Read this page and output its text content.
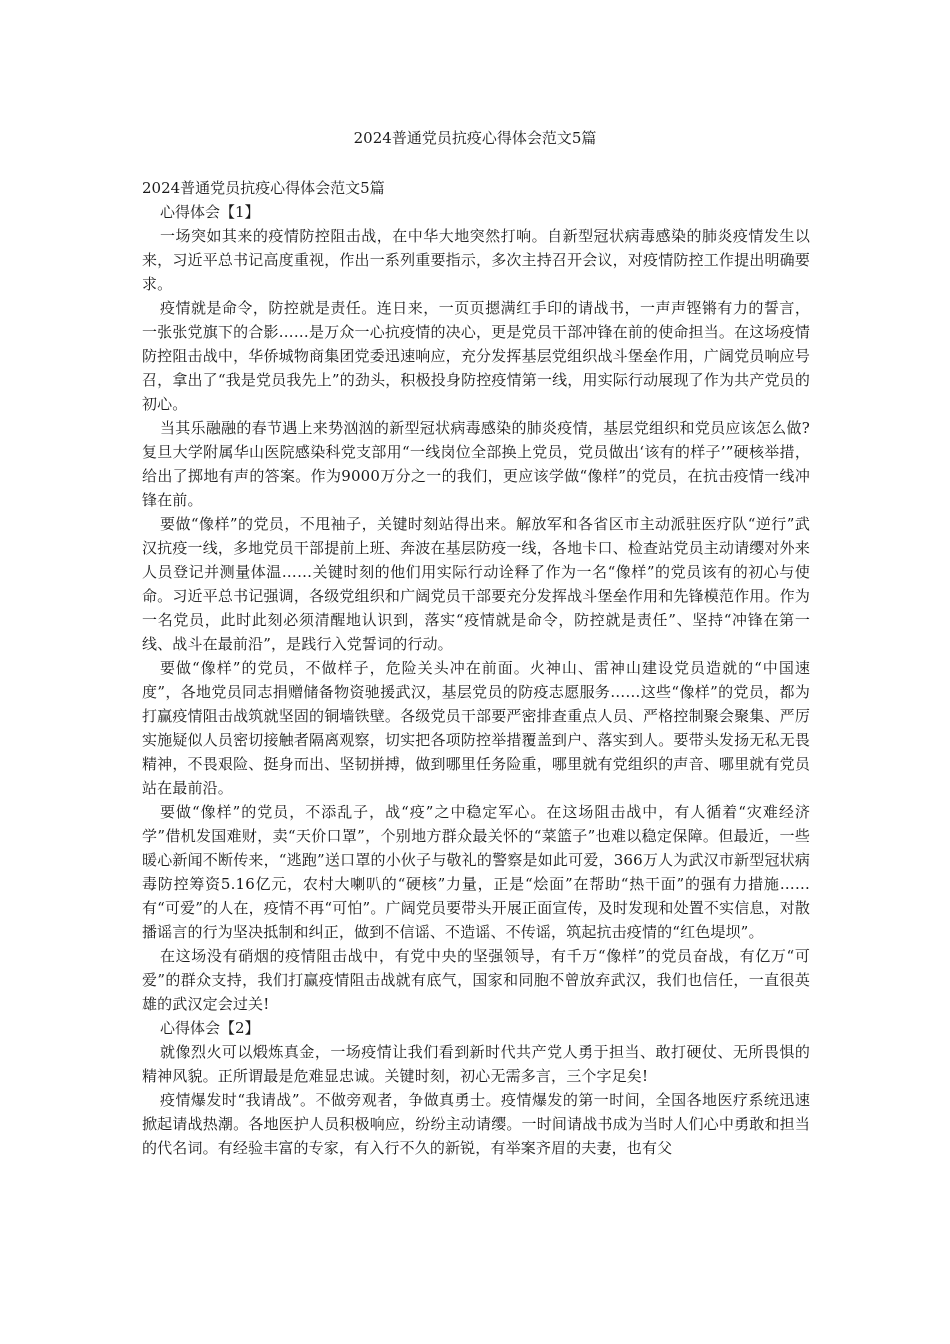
2024普通党员抗疫心得体会范文5篇

2024普通党员抗疫心得体会范文5篇

心得体会【1】

一场突如其来的疫情防控阻击战，在中华大地突然打响。自新型冠状病毒感染的肺炎疫情发生以来，习近平总书记高度重视，作出一系列重要指示，多次主持召开会议，对疫情防控工作提出明确要求。

疫情就是命令，防控就是责任。连日来，一页页摁满红手印的请战书，一声声铿锵有力的誓言，一张张党旗下的合影……是万众一心抗疫情的决心，更是党员干部冲锋在前的使命担当。在这场疫情防控阻击战中，华侨城物商集团党委迅速响应，充分发挥基层党组织战斗堡垒作用，广阔党员响应号召，拿出了“我是党员我先上”的劲头，积极投身防控疫情第一线，用实际行动展现了作为共产党员的初心。

当其乐融融的春节遇上来势汹汹的新型冠状病毒感染的肺炎疫情，基层党组织和党员应该怎么做?复旦大学附属华山医院感染科党支部用“一线岗位全部换上党员，党员做出‘该有的样子’”硬核举措，给出了掷地有声的答案。作为9000万分之一的我们，更应该学做“像样”的党员，在抗击疫情一线冲锋在前。

要做“像样”的党员，不甩袖子，关键时刻站得出来。解放军和各省区市主动派驻医疗队“逆行”武汉抗疫一线，多地党员干部提前上班、奔波在基层防疫一线，各地卡口、检查站党员主动请缨对外来人员登记并测量体温……关键时刻的他们用实际行动诠释了作为一名“像样”的党员该有的初心与使命。习近平总书记强调，各级党组织和广阔党员干部要充分发挥战斗堡垒作用和先锋模范作用。作为一名党员，此时此刻必须清醒地认识到，落实“疫情就是命令，防控就是责任”、坚持“冲锋在第一线、战斗在最前沿”，是践行入党誓词的行动。

要做“像样”的党员，不做样子，危险关头冲在前面。火神山、雷神山建设党员造就的“中国速度”，各地党员同志捐赠储备物资驰援武汉，基层党员的防疫志愿服务……这些“像样”的党员，都为打赢疫情阻击战筑就坚固的铜墙铁壁。各级党员干部要严密排查重点人员、严格控制聚会聚集、严厉实施疑似人员密切接触者隔离观察，切实把各项防控举措覆盖到户、落实到人。要带头发扬无私无畏精神，不畏艰险、挺身而出、坚韧拼搏，做到哪里任务险重，哪里就有党组织的声音、哪里就有党员站在最前沿。

要做“像样”的党员，不添乱子，战“疫”之中稳定军心。在这场阻击战中，有人循着“灾难经济学”借机发国难财，卖“天价口罩”，个别地方群众最关怀的“菜篮子”也难以稳定保障。但最近，一些暖心新闻不断传来，“逃跑”送口罩的小伙子与敬礼的警察是如此可爱，366万人为武汉市新型冠状病毒防控筹资5.16亿元，农村大喇叭的“硬核”力量，正是“烩面”在帮助“热干面”的强有力措施……有“可爱”的人在，疫情不再“可怕”。广阔党员要带头开展正面宣传，及时发现和处置不实信息，对散播谣言的行为坚决抵制和纠正，做到不信谣、不造谣、不传谣，筑起抗击疫情的“红色堤坝”。

在这场没有硝烟的疫情阻击战中，有党中央的坚强领导，有千万“像样”的党员奋战，有亿万“可爱”的群众支持，我们打赢疫情阻击战就有底气，国家和同胞不曾放弃武汉，我们也信任，一直很英雄的武汉定会过关!

心得体会【2】

就像烈火可以煅炼真金，一场疫情让我们看到新时代共产党人勇于担当、敢打硬仗、无所畏惧的精神风貌。正所谓最是危难显忠诚。关键时刻，初心无需多言，三个字足矣!

疫情爆发时“我请战”。不做旁观者，争做真勇士。疫情爆发的第一时间，全国各地医疗系统迅速掀起请战热潮。各地医护人员积极响应，纷纷主动请缨。一时间请战书成为当时人们心中勇敢和担当的代名词。有经验丰富的专家，有入行不久的新锐，有举案齐眉的夫妻，也有父
